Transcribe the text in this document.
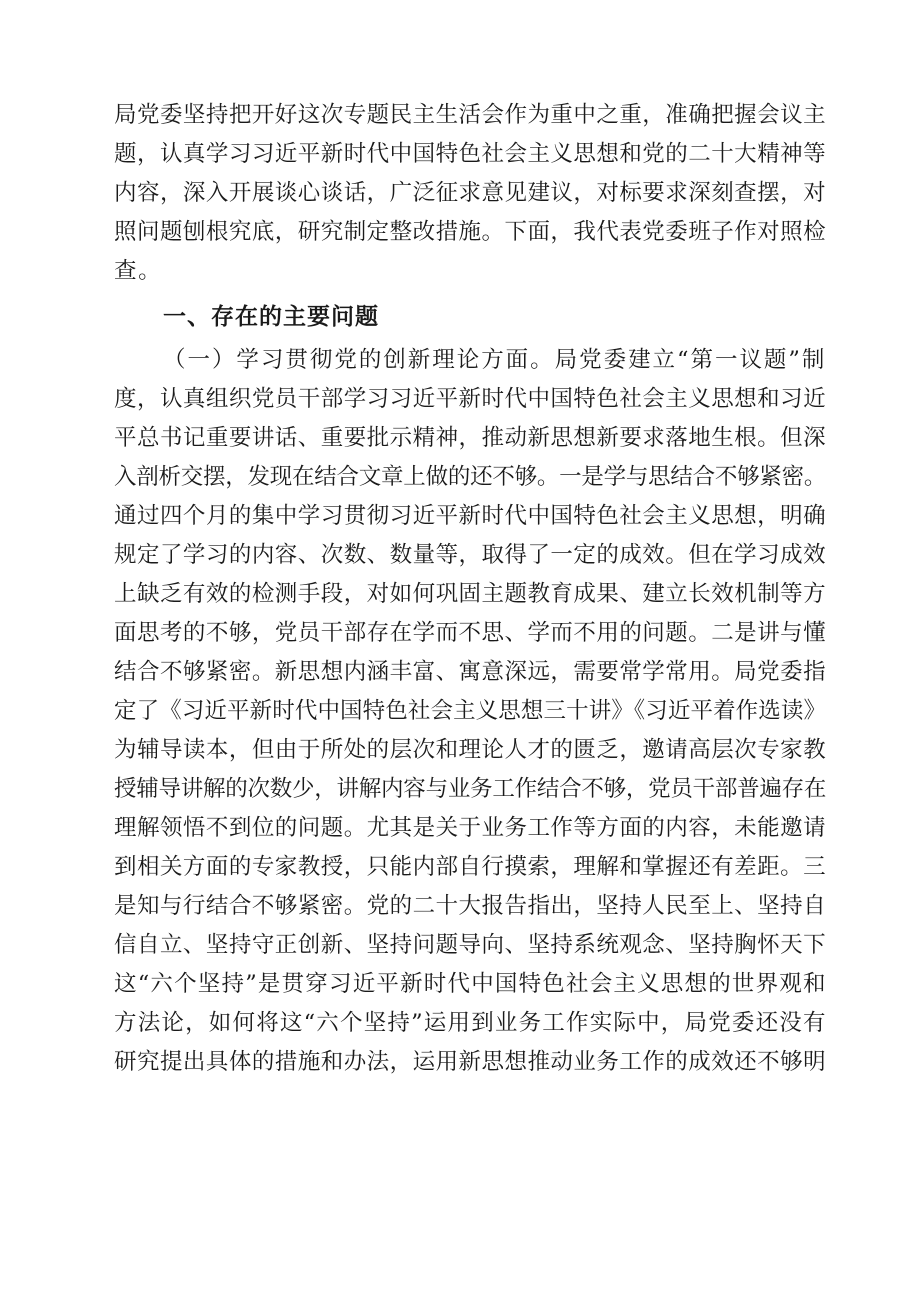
局党委坚持把开好这次专题民主生活会作为重中之重，准确把握会议主
题，认真学习习近平新时代中国特色社会主义思想和党的二十大精神等
内容，深入开展谈心谈话，广泛征求意见建议，对标要求深刻查摆，对
照问题刨根究底，研究制定整改措施。下面，我代表党委班子作对照检
查。
一、存在的主要问题
（一）学习贯彻党的创新理论方面。局党委建立“第一议题”制
度，认真组织党员干部学习习近平新时代中国特色社会主义思想和习近
平总书记重要讲话、重要批示精神，推动新思想新要求落地生根。但深
入剖析交摆，发现在结合文章上做的还不够。一是学与思结合不够紧密。
通过四个月的集中学习贯彻习近平新时代中国特色社会主义思想，明确
规定了学习的内容、次数、数量等，取得了一定的成效。但在学习成效
上缺乏有效的检测手段，对如何巩固主题教育成果、建立长效机制等方
面思考的不够，党员干部存在学而不思、学而不用的问题。二是讲与懂
结合不够紧密。新思想内涵丰富、寓意深远，需要常学常用。局党委指
定了《习近平新时代中国特色社会主义思想三十讲》《习近平着作选读》
为辅导读本，但由于所处的层次和理论人才的匮乏，邀请高层次专家教
授辅导讲解的次数少，讲解内容与业务工作结合不够，党员干部普遍存在
理解领悟不到位的问题。尤其是关于业务工作等方面的内容，未能邀请
到相关方面的专家教授，只能内部自行摸索，理解和掌握还有差距。三
是知与行结合不够紧密。党的二十大报告指出，坚持人民至上、坚持自
信自立、坚持守正创新、坚持问题导向、坚持系统观念、坚持胸怀天下
这“六个坚持”是贯穿习近平新时代中国特色社会主义思想的世界观和
方法论，如何将这“六个坚持”运用到业务工作实际中，局党委还没有
研究提出具体的措施和办法，运用新思想推动业务工作的成效还不够明
